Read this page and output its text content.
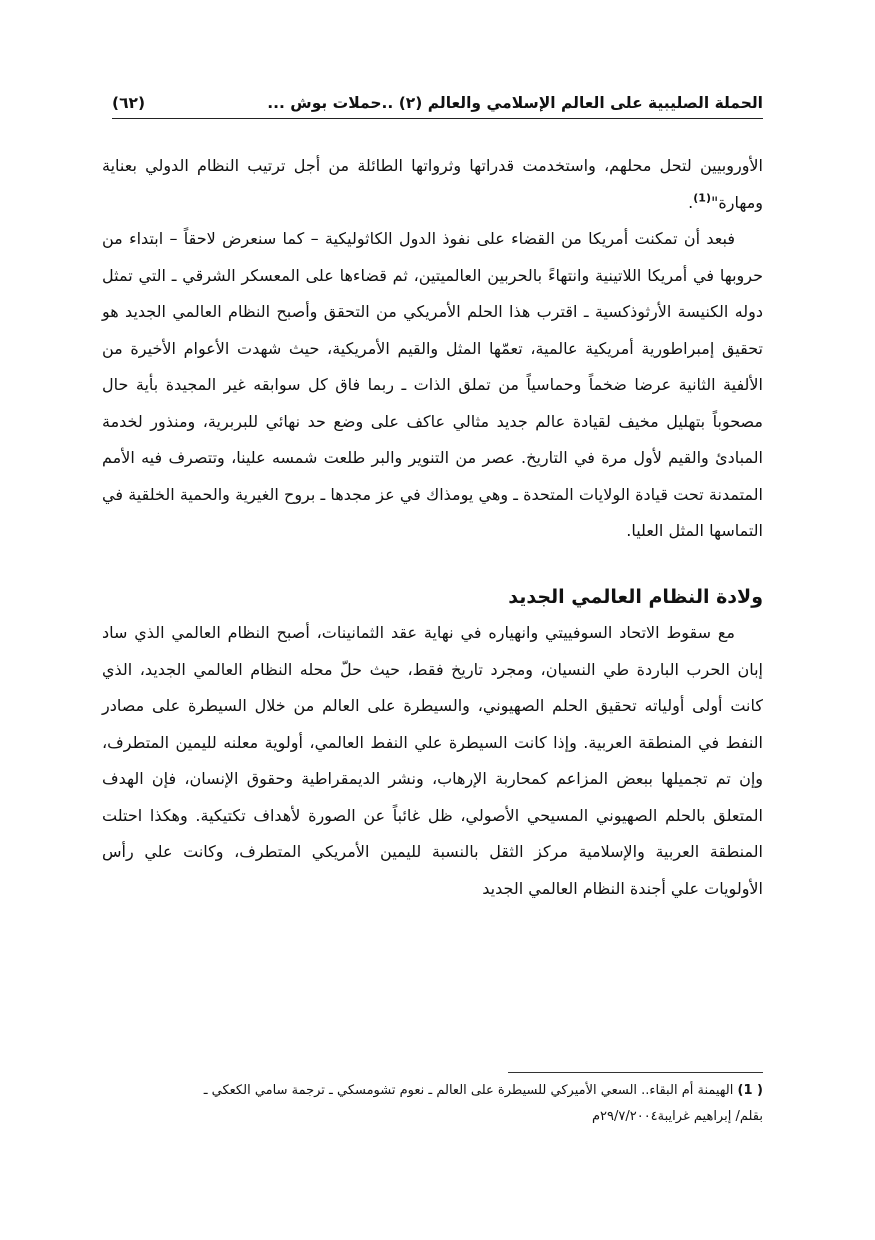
الحملة الصليبية على العالم الإسلامي والعالم (٢) ..حملات بوش ...
(٦٢)

الأوروبيين لتحل محلهم، واستخدمت قدراتها وثرواتها الطائلة من أجل ترتيب النظام الدولي بعناية ومهارة"$^{(1)}$.

فبعد أن تمكنت أمريكا من القضاء على نفوذ الدول الكاثوليكية – كما سنعرض لاحقاً – ابتداء من حروبها في أمريكا اللاتينية وانتهاءً بالحربين العالميتين، ثم قضاءها على المعسكر الشرقي ـ التي تمثل دوله الكنيسة الأرثوذكسية ـ اقترب هذا الحلم الأمريكي من التحقق وأصبح النظام العالمي الجديد هو تحقيق إمبراطورية أمريكية عالمية، تعمّها المثل والقيم الأمريكية، حيث شهدت الأعوام الأخيرة من الألفية الثانية عرضا ضخماً وحماسياً من تملق الذات ـ ربما فاق كل سوابقه غير المجيدة بأية حال مصحوباً بتهليل مخيف لقيادة عالم جديد مثالي عاكف على وضع حد نهائي للبربرية، ومنذور لخدمة المبادئ والقيم لأول مرة في التاريخ. عصر من التنوير والبر طلعت شمسه علينا، وتتصرف فيه الأمم المتمدنة تحت قيادة الولايات المتحدة ـ وهي يومذاك في عز مجدها ـ بروح الغيرية والحمية الخلقية في التماسها المثل العليا.

ولادة النظام العالمي الجديد

مع سقوط الاتحاد السوفييتي وانهياره في نهاية عقد الثمانينات، أصبح النظام العالمي الذي ساد إبان الحرب الباردة طي النسيان، ومجرد تاريخ فقط، حيث حلّ محله النظام العالمي الجديد، الذي كانت أولى أولياته تحقيق الحلم الصهيوني، والسيطرة على العالم من خلال السيطرة على مصادر النفط في المنطقة العربية. وإذا كانت السيطرة علي النفط العالمي، أولوية معلنه لليمين المتطرف، وإن تم تجميلها ببعض المزاعم كمحاربة الإرهاب، ونشر الديمقراطية وحقوق الإنسان، فإن الهدف المتعلق بالحلم الصهيوني المسيحي الأصولي، ظل غائباً عن الصورة لأهداف تكتيكية. وهكذا احتلت المنطقة العربية والإسلامية مركز الثقل بالنسبة لليمين الأمريكي المتطرف، وكانت علي رأس الأولويات علي أجندة النظام العالمي الجديد

( 1) الهيمنة أم البقاء.. السعي الأميركي للسيطرة على العالم ـ نعوم تشومسكي ـ ترجمة سامي الكعكي ـ

بقلم/ إبراهيم غرايبة٢٩/٧/٢٠٠٤م
